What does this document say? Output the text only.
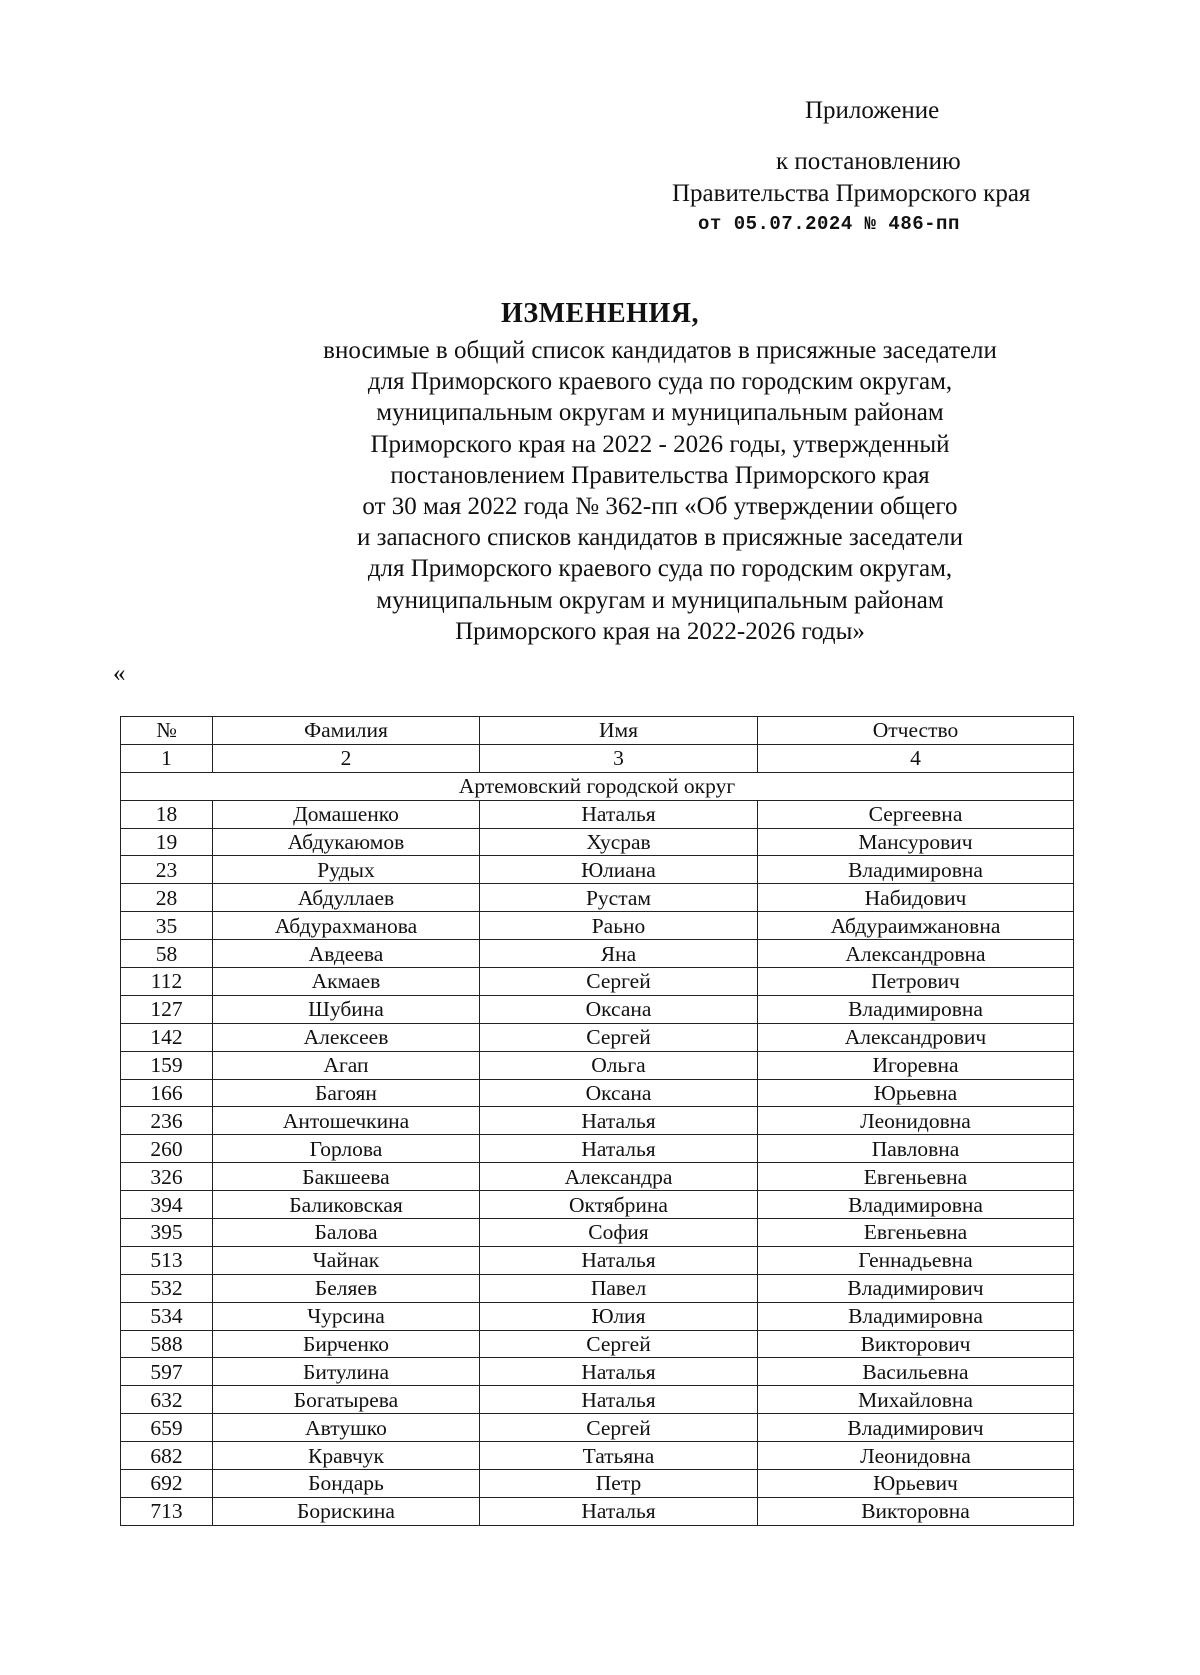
Приложение
к постановлению
Правительства Приморского края
от 05.07.2024 № 486-пп
ИЗМЕНЕНИЯ,
вносимые в общий список кандидатов в присяжные заседатели
для Приморского краевого суда по городским округам,
муниципальным округам и муниципальным районам
Приморского края на 2022 - 2026 годы, утвержденный
постановлением Правительства Приморского края
от 30 мая 2022 года № 362-пп «Об утверждении общего
и запасного списков кандидатов в присяжные заседатели
для Приморского краевого суда по городским округам,
муниципальным округам и муниципальным районам
Приморского края на 2022-2026 годы»
«
№	Фамилия	Имя	Отчество
1	2	3	4
Артемовский городской округ			
18	Домашенко	Наталья	Сергеевна
19	Абдукаюмов	Хусрав	Мансурович
23	Рудых	Юлиана	Владимировна
28	Абдуллаев	Рустам	Набидович
35	Абдурахманова	Рaьно	Абдураимжановна
58	Авдеева	Яна	Александровна
112	Акмаев	Сергей	Петрович
127	Шубина	Оксана	Владимировна
142	Алексеев	Сергей	Александрович
159	Агап	Ольга	Игоревна
166	Багоян	Оксана	Юрьевна
236	Антошечкина	Наталья	Леонидовна
260	Горлова	Наталья	Павловна
326	Бакшеева	Александра	Евгеньевна
394	Баликовская	Октябрина	Владимировна
395	Балова	София	Евгеньевна
513	Чайнак	Наталья	Геннадьевна
532	Беляев	Павел	Владимирович
534	Чурсина	Юлия	Владимировна
588	Бирченко	Сергей	Викторович
597	Битулина	Наталья	Васильевна
632	Богатырева	Наталья	Михайловна
659	Автушко	Сергей	Владимирович
682	Кравчук	Татьяна	Леонидовна
692	Бондарь	Петр	Юрьевич
713	Борискина	Наталья	Викторовна
